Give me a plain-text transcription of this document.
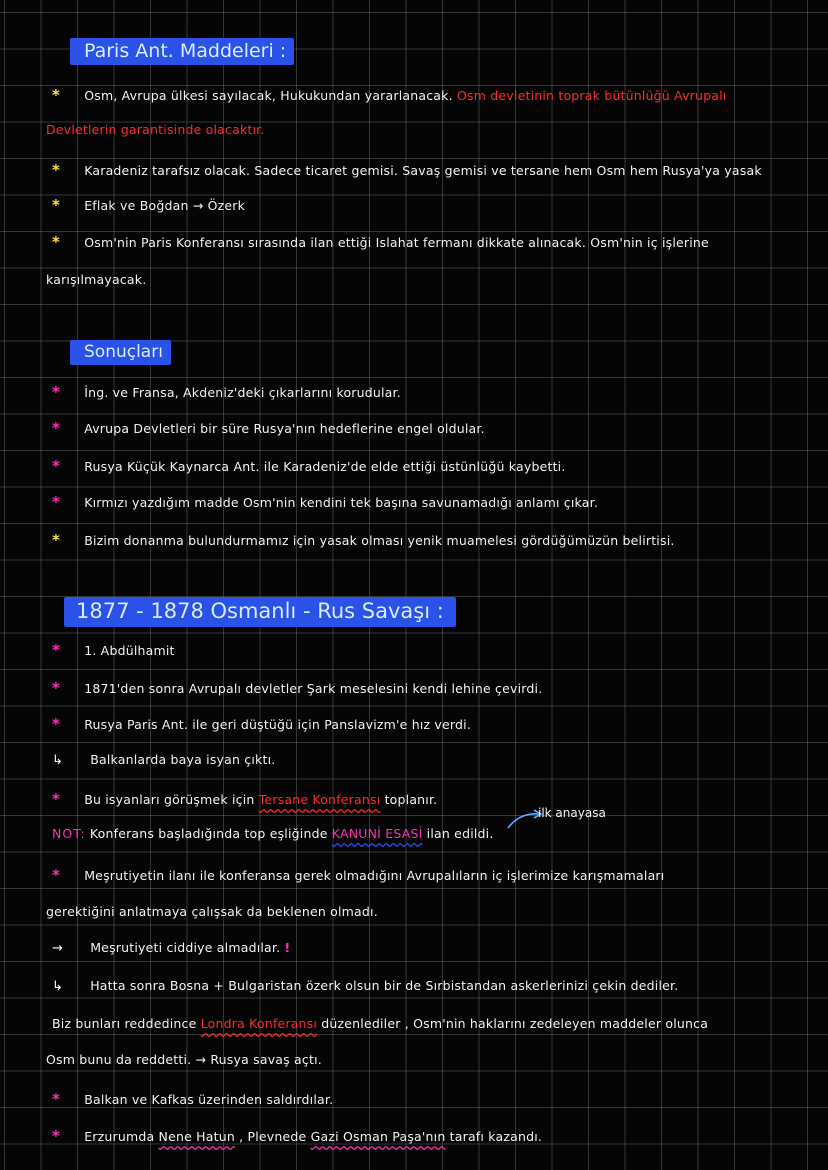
Paris Ant. Maddeleri :
* Osm, Avrupa ülkesi sayılacak, Hukukundan yararlanacak. Osm devletinin toprak bütünlüğü Avrupalı
Devletlerin garantisinde olacaktır.
* Karadeniz tarafsız olacak. Sadece ticaret gemisi. Savaş gemisi ve tersane hem Osm hem Rusya'ya yasak
* Eflak ve Boğdan → Özerk
* Osm'nin Paris Konferansı sırasında ilan ettiği Islahat fermanı dikkate alınacak. Osm'nin iç işlerine
karışılmayacak.
Sonuçları
* İng. ve Fransa, Akdeniz'deki çıkarlarını korudular.
* Avrupa Devletleri bir süre Rusya'nın hedeflerine engel oldular.
* Rusya Küçük Kaynarca Ant. ile Karadeniz'de elde ettiği üstünlüğü kaybetti.
* Kırmızı yazdığım madde Osm'nin kendini tek başına savunamadığı anlamı çıkar.
* Bizim donanma bulundurmamız için yasak olması yenik muamelesi gördüğümüzün belirtisi.
1877 - 1878 Osmanlı - Rus Savaşı :
* 1. Abdülhamit
* 1871'den sonra Avrupalı devletler Şark meselesini kendi lehine çevirdi.
* Rusya Paris Ant. ile geri düştüğü için Panslavizm'e hız verdi.
↳ Balkanlarda baya isyan çıktı.
* Bu isyanları görüşmek için Tersane Konferansı toplanır.
ilk anayasa
NOT: Konferans başladığında top eşliğinde KANUNİ ESASİ ilan edildi.
* Meşrutiyetin ilanı ile konferansa gerek olmadığını Avrupalıların iç işlerimize karışmamaları
gerektiğini anlatmaya çalışsak da beklenen olmadı.
→ Meşrutiyeti ciddiye almadılar. !
↳ Hatta sonra Bosna + Bulgaristan özerk olsun bir de Sırbistandan askerlerinizi çekin dediler.
Biz bunları reddedince Londra Konferansı düzenlediler , Osm'nin haklarını zedeleyen maddeler olunca
Osm bunu da reddetti. → Rusya savaş açtı.
* Balkan ve Kafkas üzerinden saldırdılar.
* Erzurumda Nene Hatun , Plevnede Gazi Osman Paşa'nın tarafı kazandı.
